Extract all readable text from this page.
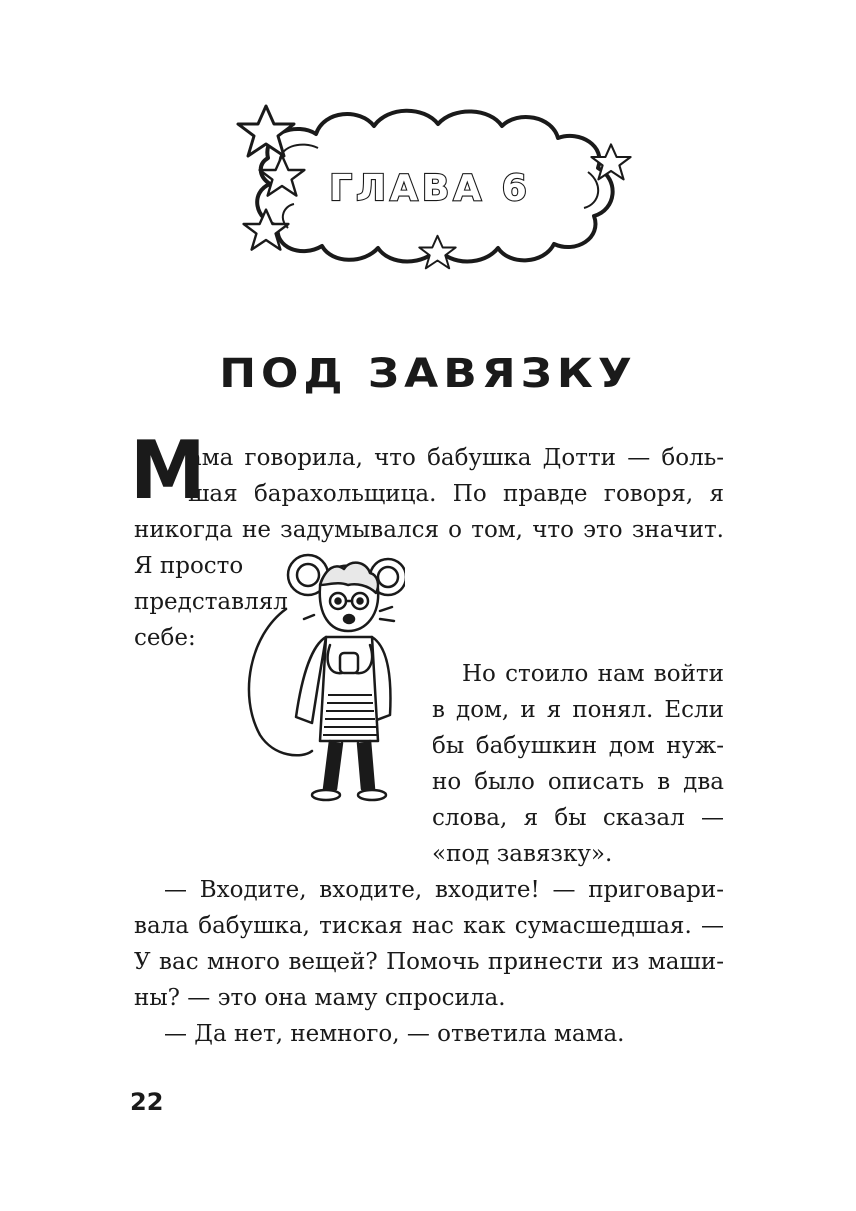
ГЛАВА 6
ПОД ЗАВЯЗКУ
М

ама говорила, что бабушка Дотти — боль-

шая барахольщица. По правде говоря, я

никогда не задумывался о том, что это значит.

Я просто

представлял

себе:

Но стоило нам войти

в дом, и я понял. Если

бы бабушкин дом нуж-

но было описать в два

слова, я бы сказал —

«под завязку».

— Входите, входите, входите! — приговари-

вала бабушка, тиская нас как сумасшедшая. —

У вас много вещей? Помочь принести из маши-

ны? — это она маму спросила.

— Да нет, немного, — ответила мама.

22
